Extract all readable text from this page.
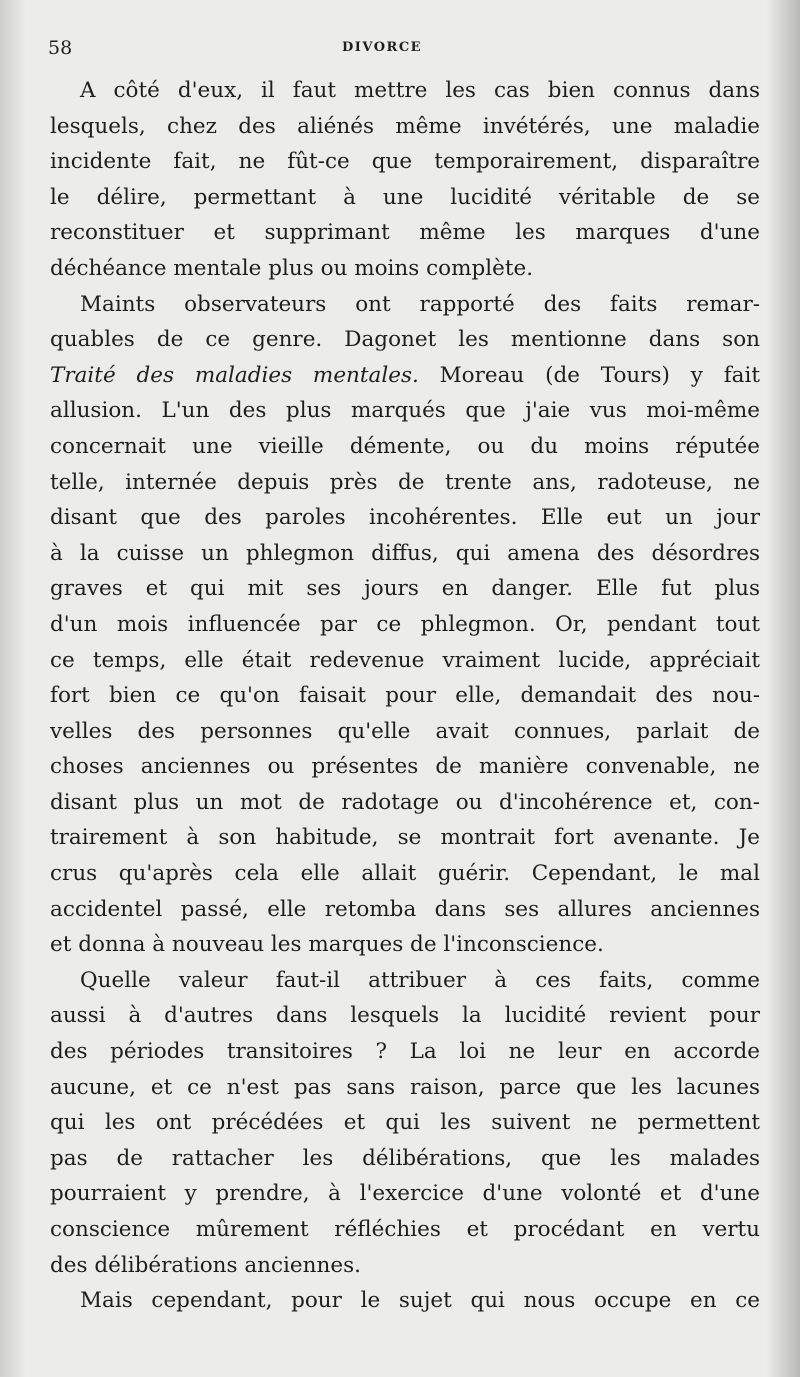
58	DIVORCE
A côté d'eux, il faut mettre les cas bien connus dans
lesquels, chez des aliénés même invétérés, une maladie
incidente fait, ne fût-ce que temporairement, disparaître
le délire, permettant à une lucidité véritable de se
reconstituer et supprimant même les marques d'une
déchéance mentale plus ou moins complète.
Maints observateurs ont rapporté des faits remar-
quables de ce genre. Dagonet les mentionne dans son
Traité des maladies mentales. Moreau (de Tours) y fait
allusion. L'un des plus marqués que j'aie vus moi-même
concernait une vieille démente, ou du moins réputée
telle, internée depuis près de trente ans, radoteuse, ne
disant que des paroles incohérentes. Elle eut un jour
à la cuisse un phlegmon diffus, qui amena des désordres
graves et qui mit ses jours en danger. Elle fut plus
d'un mois influencée par ce phlegmon. Or, pendant tout
ce temps, elle était redevenue vraiment lucide, appréciait
fort bien ce qu'on faisait pour elle, demandait des nou-
velles des personnes qu'elle avait connues, parlait de
choses anciennes ou présentes de manière convenable, ne
disant plus un mot de radotage ou d'incohérence et, con-
trairement à son habitude, se montrait fort avenante. Je
crus qu'après cela elle allait guérir. Cependant, le mal
accidentel passé, elle retomba dans ses allures anciennes
et donna à nouveau les marques de l'inconscience.
Quelle valeur faut-il attribuer à ces faits, comme
aussi à d'autres dans lesquels la lucidité revient pour
des périodes transitoires ? La loi ne leur en accorde
aucune, et ce n'est pas sans raison, parce que les lacunes
qui les ont précédées et qui les suivent ne permettent
pas de rattacher les délibérations, que les malades
pourraient y prendre, à l'exercice d'une volonté et d'une
conscience mûrement réfléchies et procédant en vertu
des délibérations anciennes.
Mais cependant, pour le sujet qui nous occupe en ce
